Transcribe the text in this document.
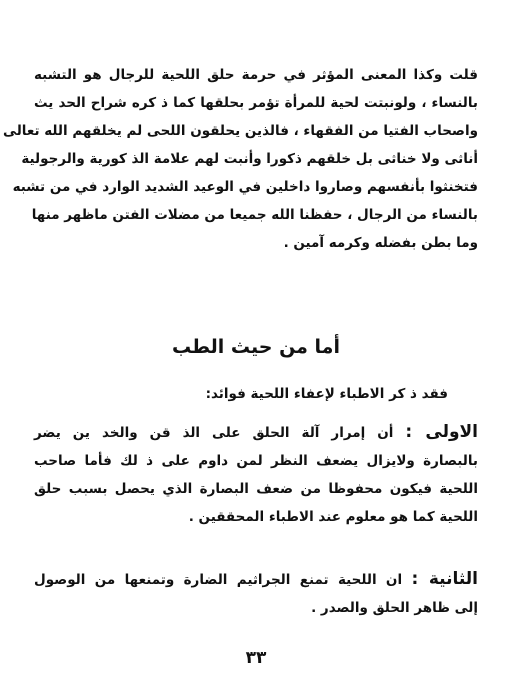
قلت وكذا المعنى المؤثر في حرمة حلق اللحية للرجال هو التشبه
بالنساء ، ولونبتت لحية للمرأة تؤمر بحلقها كما ذ كره شراح الحد يث
واصحاب الفتيا من الفقهاء ، فالذين يحلقون اللحى لم يخلقهم الله تعالى
أناثى ولا خناثى بل خلقهم ذكورا وأنبت لهم علامة الذ كورية والرجولية
فتخنثوا بأنفسهم وصاروا داخلين في الوعيد الشديد الوارد في من تشبه
بالنساء من الرجال ، حفظنا الله جميعا من مضلات الفتن ماظهر منها
وما بطن بفضله وكرمه آمين .
أما من حيث الطب
فقد ذ كر الاطباء لإعفاء اللحية فوائد:
الاولى : أن إمرار آلة الحلق على الذ قن والخد ين يضر
بالبصارة ولايزال يضعف النظر لمن داوم على ذ لك فأما صاحب
اللحية فيكون محفوظا من ضعف البصارة الذي يحصل بسبب حلق
اللحية كما هو معلوم عند الاطباء المحققين .
الثانية : ان اللحية تمنع الجراثيم الضارة وتمنعها من الوصول
إلى ظاهر الحلق والصدر .
٣٣
